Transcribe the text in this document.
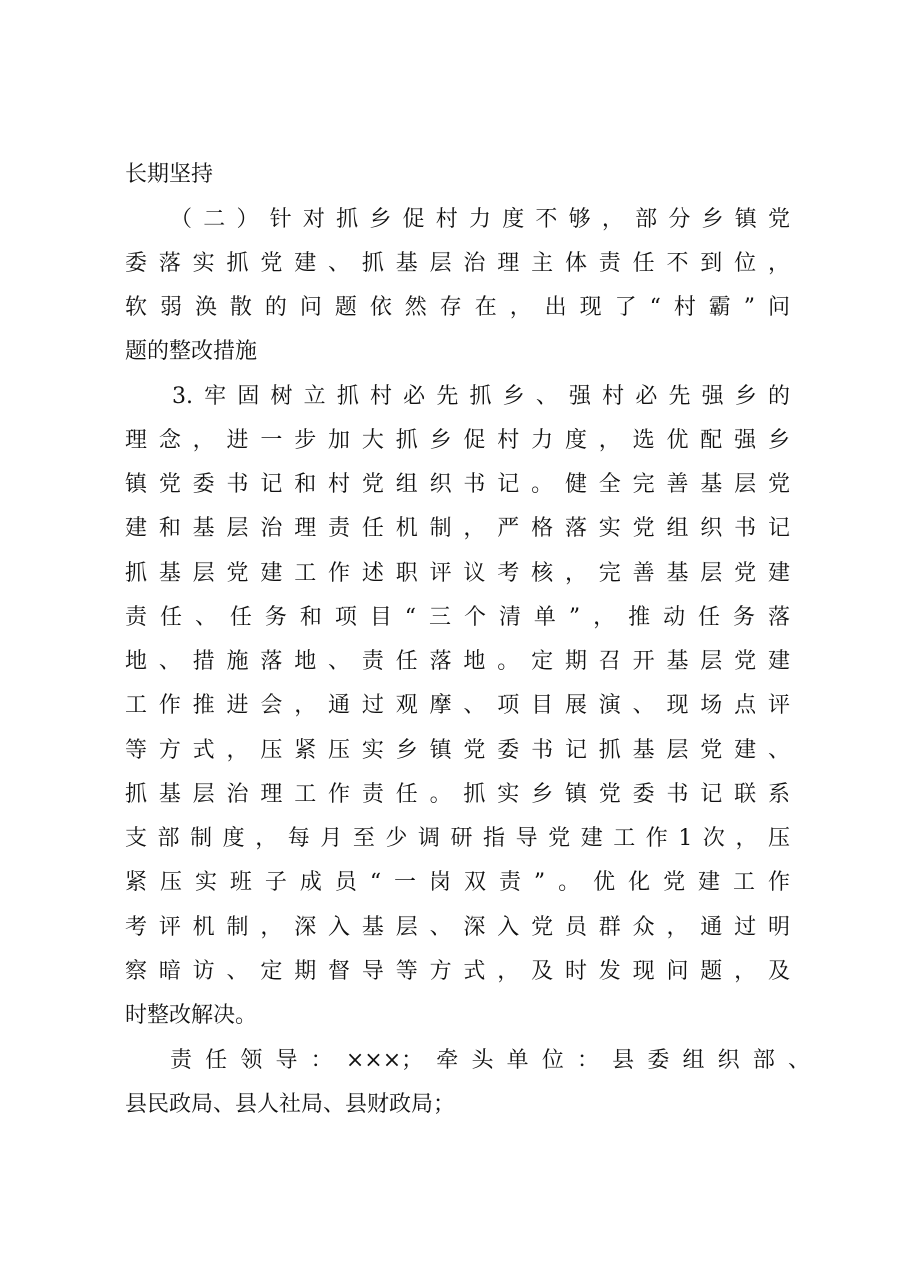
长期坚持
（二）针对抓乡促村力度不够，部分乡镇党
委落实抓党建、抓基层治理主体责任不到位，
软弱涣散的问题依然存在，出现了“村霸”问
题的整改措施
3.牢固树立抓村必先抓乡、强村必先强乡的
理念，进一步加大抓乡促村力度，选优配强乡
镇党委书记和村党组织书记。健全完善基层党
建和基层治理责任机制，严格落实党组织书记
抓基层党建工作述职评议考核，完善基层党建
责任、任务和项目“三个清单”，推动任务落
地、措施落地、责任落地。定期召开基层党建
工作推进会，通过观摩、项目展演、现场点评
等方式，压紧压实乡镇党委书记抓基层党建、
抓基层治理工作责任。抓实乡镇党委书记联系
支部制度，每月至少调研指导党建工作1次，压
紧压实班子成员“一岗双责”。优化党建工作
考评机制，深入基层、深入党员群众，通过明
察暗访、定期督导等方式，及时发现问题，及
时整改解决。
责任领导：×××；牵头单位：县委组织部、
县民政局、县人社局、县财政局；
